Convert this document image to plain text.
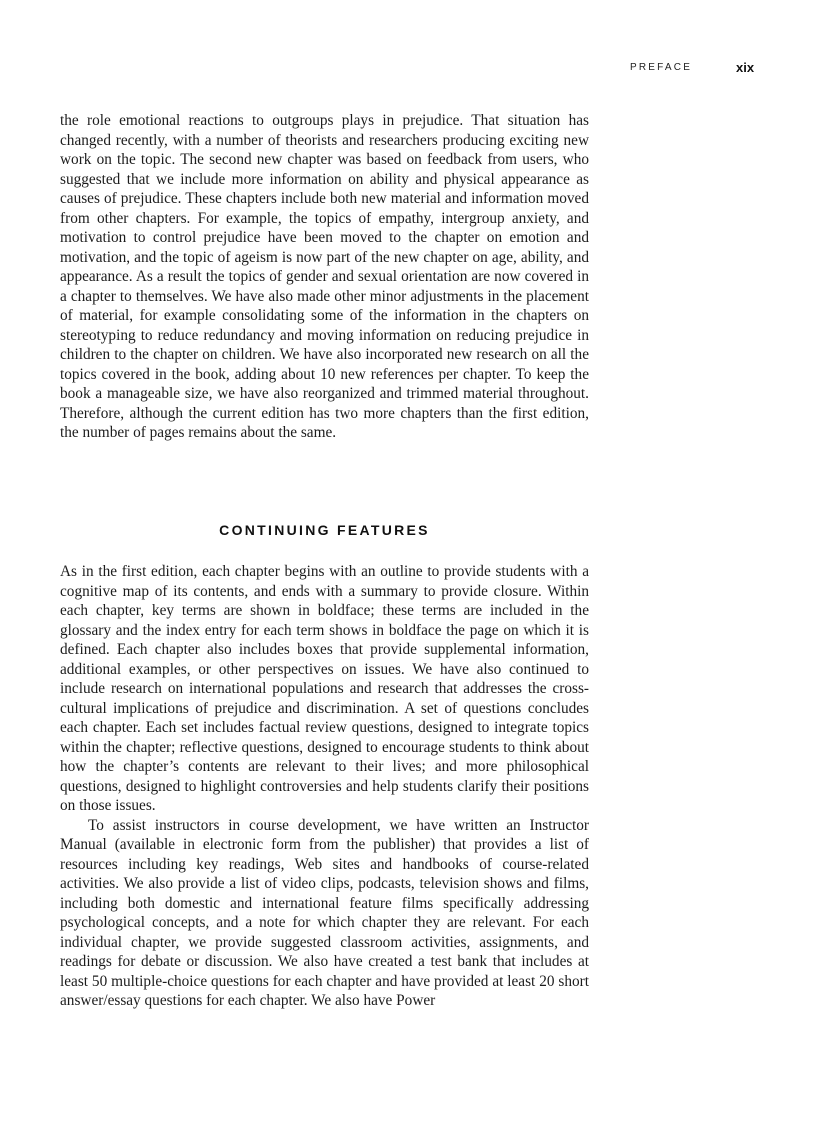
PREFACE	xix

the role emotional reactions to outgroups plays in prejudice. That situation has changed recently, with a number of theorists and researchers producing exciting new work on the topic. The second new chapter was based on feedback from users, who suggested that we include more information on ability and physical appearance as causes of prejudice. These chapters include both new material and information moved from other chapters. For example, the topics of empathy, intergroup anxiety, and motivation to control prejudice have been moved to the chapter on emotion and motivation, and the topic of ageism is now part of the new chapter on age, ability, and appearance. As a result the topics of gender and sexual orientation are now covered in a chapter to themselves. We have also made other minor adjustments in the placement of material, for example consolidating some of the information in the chapters on stereotyping to reduce redundancy and moving information on reducing prejudice in children to the chapter on children. We have also incorporated new research on all the topics covered in the book, adding about 10 new references per chapter. To keep the book a manageable size, we have also reorganized and trimmed material throughout. Therefore, although the current edition has two more chapters than the first edition, the number of pages remains about the same.

CONTINUING FEATURES

As in the first edition, each chapter begins with an outline to provide students with a cognitive map of its contents, and ends with a summary to provide closure. Within each chapter, key terms are shown in boldface; these terms are included in the glossary and the index entry for each term shows in boldface the page on which it is defined. Each chapter also includes boxes that provide supplemental information, additional examples, or other perspectives on issues. We have also continued to include research on international populations and research that addresses the cross-cultural implications of prejudice and discrimination. A set of questions concludes each chapter. Each set includes factual review questions, designed to integrate topics within the chapter; reflective questions, designed to encourage students to think about how the chapter’s contents are relevant to their lives; and more philosophical questions, designed to highlight controversies and help students clarify their positions on those issues.

To assist instructors in course development, we have written an Instructor Manual (available in electronic form from the publisher) that provides a list of resources including key readings, Web sites and handbooks of course-related activities. We also provide a list of video clips, podcasts, television shows and films, including both domestic and international feature films specifically addressing psychological concepts, and a note for which chapter they are relevant. For each individual chapter, we provide suggested classroom activities, assignments, and readings for debate or discussion. We also have created a test bank that includes at least 50 multiple-choice questions for each chapter and have provided at least 20 short answer/essay questions for each chapter. We also have Power
